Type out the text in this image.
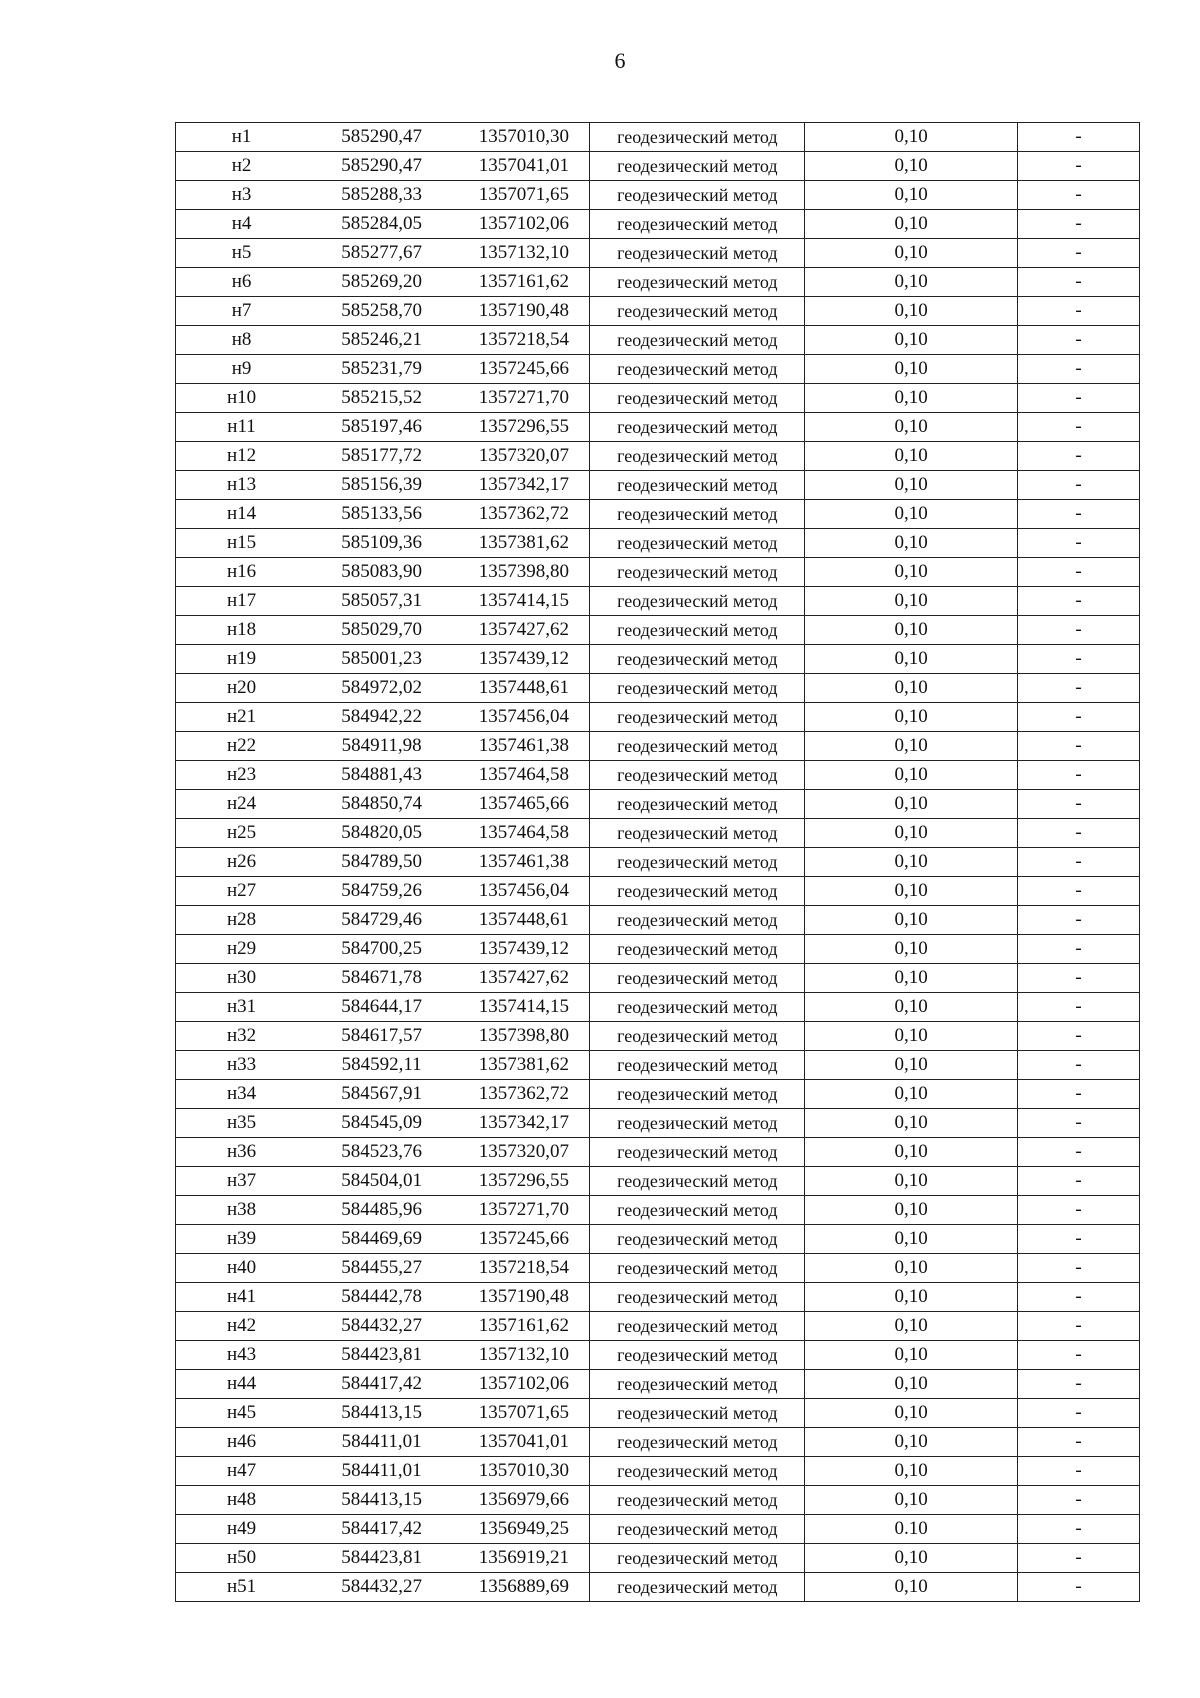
6
н1	585290,47	1357010,30	геодезический метод	0,10	-
н2	585290,47	1357041,01	геодезический метод	0,10	-
н3	585288,33	1357071,65	геодезический метод	0,10	-
н4	585284,05	1357102,06	геодезический метод	0,10	-
н5	585277,67	1357132,10	геодезический метод	0,10	-
н6	585269,20	1357161,62	геодезический метод	0,10	-
н7	585258,70	1357190,48	геодезический метод	0,10	-
н8	585246,21	1357218,54	геодезический метод	0,10	-
н9	585231,79	1357245,66	геодезический метод	0,10	-
н10	585215,52	1357271,70	геодезический метод	0,10	-
н11	585197,46	1357296,55	геодезический метод	0,10	-
н12	585177,72	1357320,07	геодезический метод	0,10	-
н13	585156,39	1357342,17	геодезический метод	0,10	-
н14	585133,56	1357362,72	геодезический метод	0,10	-
н15	585109,36	1357381,62	геодезический метод	0,10	-
н16	585083,90	1357398,80	геодезический метод	0,10	-
н17	585057,31	1357414,15	геодезический метод	0,10	-
н18	585029,70	1357427,62	геодезический метод	0,10	-
н19	585001,23	1357439,12	геодезический метод	0,10	-
н20	584972,02	1357448,61	геодезический метод	0,10	-
н21	584942,22	1357456,04	геодезический метод	0,10	-
н22	584911,98	1357461,38	геодезический метод	0,10	-
н23	584881,43	1357464,58	геодезический метод	0,10	-
н24	584850,74	1357465,66	геодезический метод	0,10	-
н25	584820,05	1357464,58	геодезический метод	0,10	-
н26	584789,50	1357461,38	геодезический метод	0,10	-
н27	584759,26	1357456,04	геодезический метод	0,10	-
н28	584729,46	1357448,61	геодезический метод	0,10	-
н29	584700,25	1357439,12	геодезический метод	0,10	-
н30	584671,78	1357427,62	геодезический метод	0,10	-
н31	584644,17	1357414,15	геодезический метод	0,10	-
н32	584617,57	1357398,80	геодезический метод	0,10	-
н33	584592,11	1357381,62	геодезический метод	0,10	-
н34	584567,91	1357362,72	геодезический метод	0,10	-
н35	584545,09	1357342,17	геодезический метод	0,10	-
н36	584523,76	1357320,07	геодезический метод	0,10	-
н37	584504,01	1357296,55	геодезический метод	0,10	-
н38	584485,96	1357271,70	геодезический метод	0,10	-
н39	584469,69	1357245,66	геодезический метод	0,10	-
н40	584455,27	1357218,54	геодезический метод	0,10	-
н41	584442,78	1357190,48	геодезический метод	0,10	-
н42	584432,27	1357161,62	геодезический метод	0,10	-
н43	584423,81	1357132,10	геодезический метод	0,10	-
н44	584417,42	1357102,06	геодезический метод	0,10	-
н45	584413,15	1357071,65	геодезический метод	0,10	-
н46	584411,01	1357041,01	геодезический метод	0,10	-
н47	584411,01	1357010,30	геодезический метод	0,10	-
н48	584413,15	1356979,66	геодезический метод	0,10	-
н49	584417,42	1356949,25	геодезический метод	0.10	-
н50	584423,81	1356919,21	геодезический метод	0,10	-
н51	584432,27	1356889,69	геодезический метод	0,10	-
